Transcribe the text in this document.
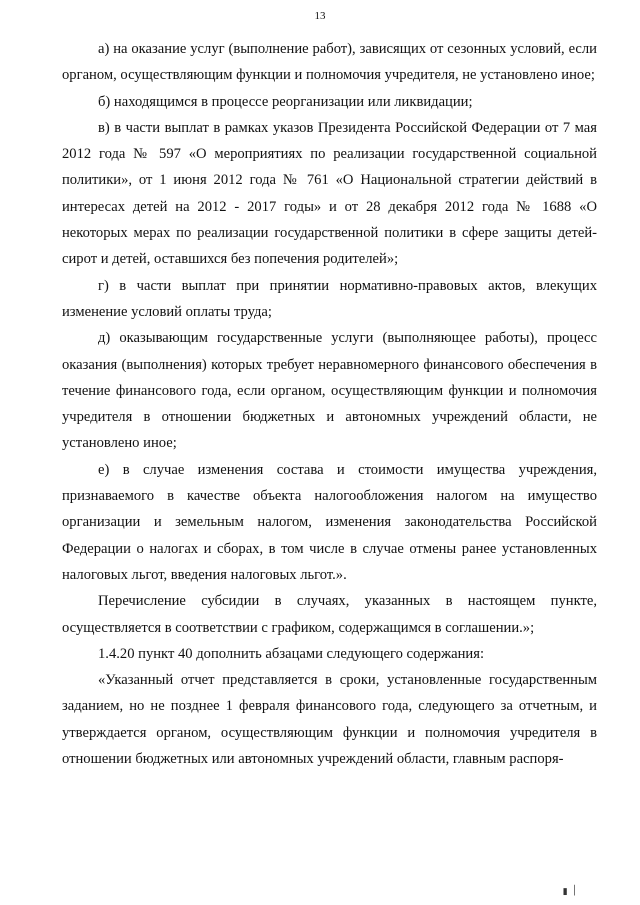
13

а) на оказание услуг (выполнение работ), зависящих от сезонных условий, если органом, осуществляющим функции и полномочия учредителя, не установлено иное;

б) находящимся в процессе реорганизации или ликвидации;

в) в части выплат в рамках указов Президента Российской Федерации от 7 мая 2012 года № 597 «О мероприятиях по реализации государственной социальной политики», от 1 июня 2012 года № 761 «О Национальной стратегии действий в интересах детей на 2012 - 2017 годы» и от 28 декабря 2012 года № 1688 «О некоторых мерах по реализации государственной политики в сфере защиты детей-сирот и детей, оставшихся без попечения родителей»;

г) в части выплат при принятии нормативно-правовых актов, влекущих изменение условий оплаты труда;

д) оказывающим государственные услуги (выполняющее работы), процесс оказания (выполнения) которых требует неравномерного финансового обеспечения в течение финансового года, если органом, осуществляющим функции и полномочия учредителя в отношении бюджетных и автономных учреждений области, не установлено иное;

е) в случае изменения состава и стоимости имущества учреждения, признаваемого в качестве объекта налогообложения налогом на имущество организации и земельным налогом, изменения законодательства Российской Федерации о налогах и сборах, в том числе в случае отмены ранее установленных налоговых льгот, введения налоговых льгот.».

Перечисление субсидии в случаях, указанных в настоящем пункте, осуществляется в соответствии с графиком, содержащимся в соглашении.»;

1.4.20 пункт 40 дополнить абзацами следующего содержания:

«Указанный отчет представляется в сроки, установленные государственным заданием, но не позднее 1 февраля финансового года, следующего за отчетным, и утверждается органом, осуществляющим функции и полномочия учредителя в отношении бюджетных или автономных учреждений области, главным распоря-

▮ ׀
